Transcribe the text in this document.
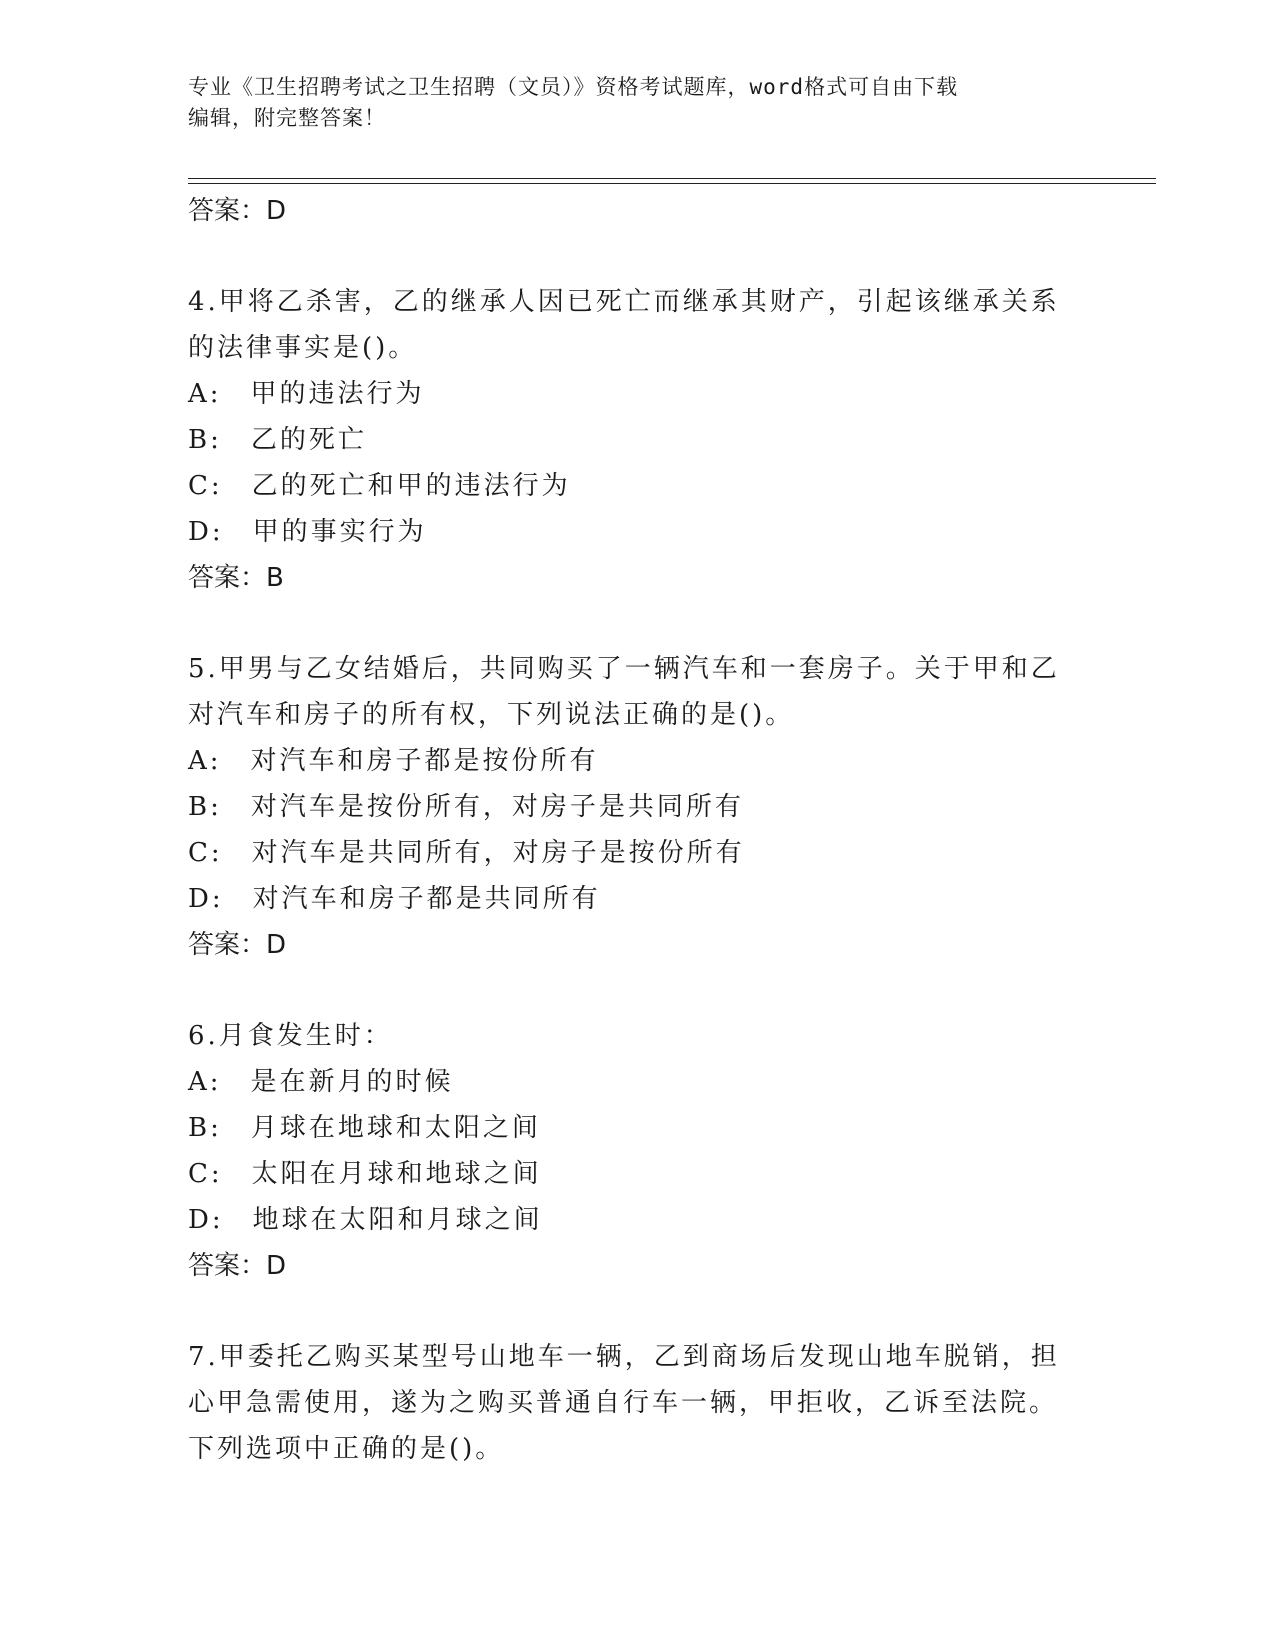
专业《卫生招聘考试之卫生招聘（文员）》资格考试题库，word格式可自由下载
编辑，附完整答案！
答案：D
4.甲将乙杀害，乙的继承人因已死亡而继承其财产，引起该继承关系
的法律事实是()。
A:　甲的违法行为
B:　乙的死亡
C:　乙的死亡和甲的违法行为
D:　甲的事实行为
答案：B
5.甲男与乙女结婚后，共同购买了一辆汽车和一套房子。关于甲和乙
对汽车和房子的所有权，下列说法正确的是()。
A:　对汽车和房子都是按份所有
B:　对汽车是按份所有，对房子是共同所有
C:　对汽车是共同所有，对房子是按份所有
D:　对汽车和房子都是共同所有
答案：D
6.月食发生时：
A:　是在新月的时候
B:　月球在地球和太阳之间
C:　太阳在月球和地球之间
D:　地球在太阳和月球之间
答案：D
7.甲委托乙购买某型号山地车一辆，乙到商场后发现山地车脱销，担
心甲急需使用，遂为之购买普通自行车一辆，甲拒收，乙诉至法院。
下列选项中正确的是()。
